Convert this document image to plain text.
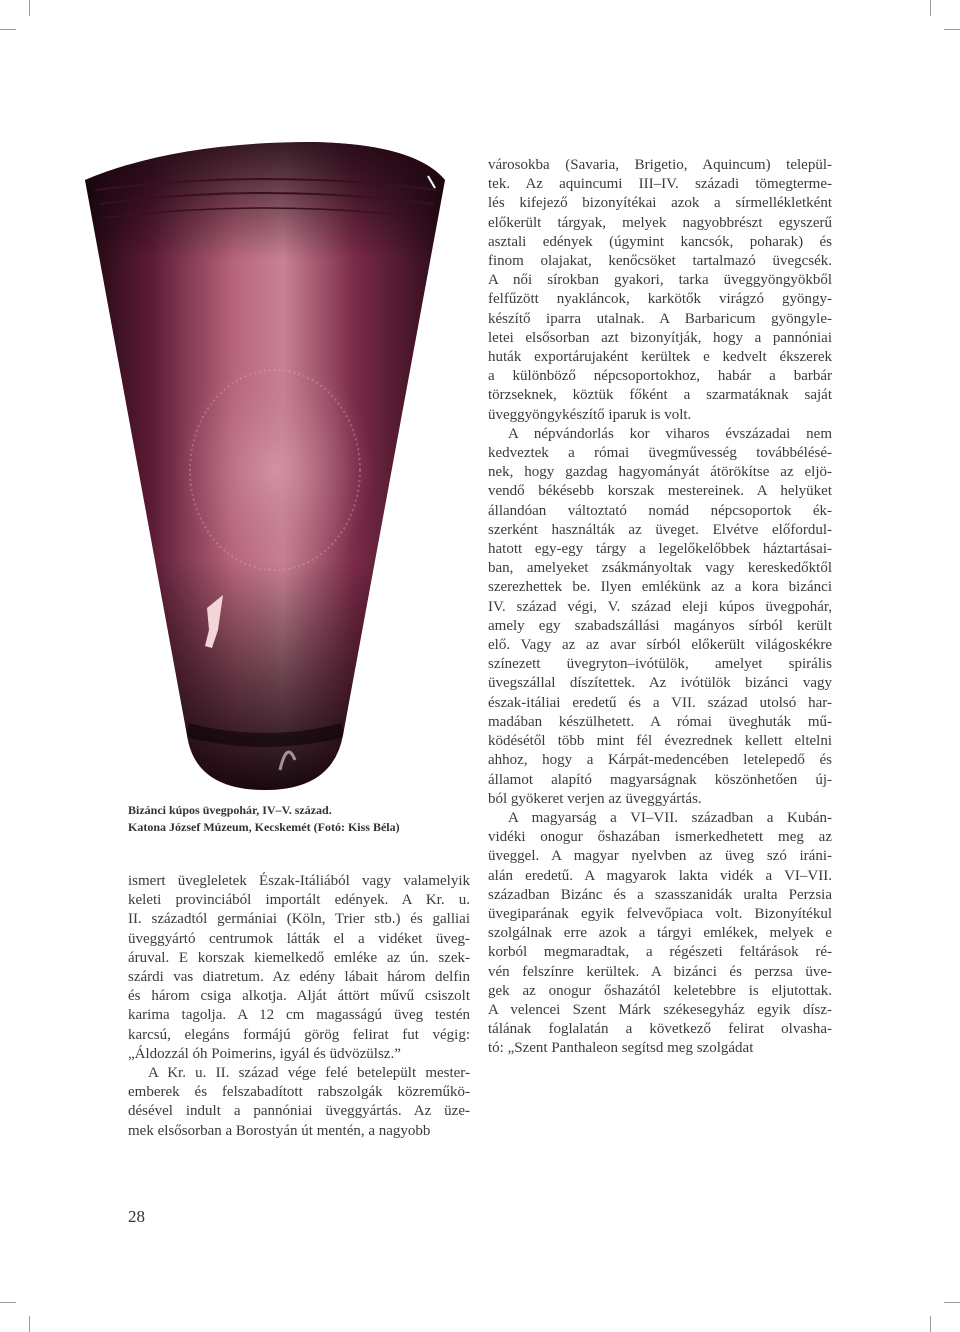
Bizánci kúpos üvegpohár, IV–V. század.
Katona József Múzeum, Kecskemét (Fotó: Kiss Béla)

ismert üvegleletek Észak-Itáliából vagy valamelyik

keleti provinciából importált edények. A Kr. u.

II. századtól germániai (Köln, Trier stb.) és galliai

üveggyártó centrumok látták el a vidéket üveg-

áruval. E korszak kiemelkedő emléke az ún. szek-

szárdi vas diatretum. Az edény lábait három delfin

és három csiga alkotja. Alját áttört művű csiszolt

karima tagolja. A 12 cm magasságú üveg testén

karcsú, elegáns formájú görög felirat fut végig:

„Áldozzál óh Poimerins, igyál és üdvözülsz.”

A Kr. u. II. század vége felé betelepült mester-

emberek és felszabadított rabszolgák közreműkö-

désével indult a pannóniai üveggyártás. Az üze-

mek elsősorban a Borostyán út mentén, a nagyobb

városokba (Savaria, Brigetio, Aquincum) települ-

tek. Az aquincumi III–IV. századi tömegterme-

lés kifejező bizonyítékai azok a sírmellékletként

előkerült tárgyak, melyek nagyobbrészt egyszerű

asztali edények (úgymint kancsók, poharak) és

finom olajakat, kenőcsöket tartalmazó üvegcsék.

A női sírokban gyakori, tarka üveggyöngyökből

felfűzött nyakláncok, karkötők virágzó gyöngy-

készítő iparra utalnak. A Barbaricum gyöngyle-

letei elsősorban azt bizonyítják, hogy a pannóniai

huták exportárujaként kerültek e kedvelt ékszerek

a különböző népcsoportokhoz, habár a barbár

törzseknek, köztük főként a szarmatáknak saját

üveggyöngykészítő iparuk is volt.

A népvándorlás kor viharos évszázadai nem

kedveztek a római üvegművesség továbbélésé-

nek, hogy gazdag hagyományát átörökítse az eljö-

vendő békésebb korszak mestereinek. A helyüket

állandóan változtató nomád népcsoportok ék-

szerként használták az üveget. Elvétve előfordul-

hatott egy-egy tárgy a legelőkelőbbek háztartásai-

ban, amelyeket zsákmányoltak vagy kereskedőktől

szerezhettek be. Ilyen emlékünk az a kora bizánci

IV. század végi, V. század eleji kúpos üvegpohár,

amely egy szabadszállási magányos sírból került

elő. Vagy az az avar sírból előkerült világoskékre

színezett üvegryton–ivótülök, amelyet spirális

üvegszállal díszítettek. Az ivótülök bizánci vagy

észak-itáliai eredetű és a VII. század utolsó har-

madában készülhetett. A római üveghuták mű-

ködésétől több mint fél évezrednek kellett eltelni

ahhoz, hogy a Kárpát-medencében letelepedő és

államot alapító magyarságnak köszönhetően új-

ból gyökeret verjen az üveggyártás.

A magyarság a VI–VII. században a Kubán-

vidéki onogur őshazában ismerkedhetett meg az

üveggel. A magyar nyelvben az üveg szó iráni-

alán eredetű. A magyarok lakta vidék a VI–VII.

században Bizánc és a szasszanidák uralta Perzsia

üvegiparának egyik felvevőpiaca volt. Bizonyítékul

szolgálnak erre azok a tárgyi emlékek, melyek e

korból megmaradtak, a régészeti feltárások ré-

vén felszínre kerültek. A bizánci és perzsa üve-

gek az onogur őshazától keletebbre is eljutottak.

A velencei Szent Márk székesegyház egyik dísz-

tálának foglalatán a következő felirat olvasha-

tó: „Szent Panthaleon segítsd meg szolgádat

28
